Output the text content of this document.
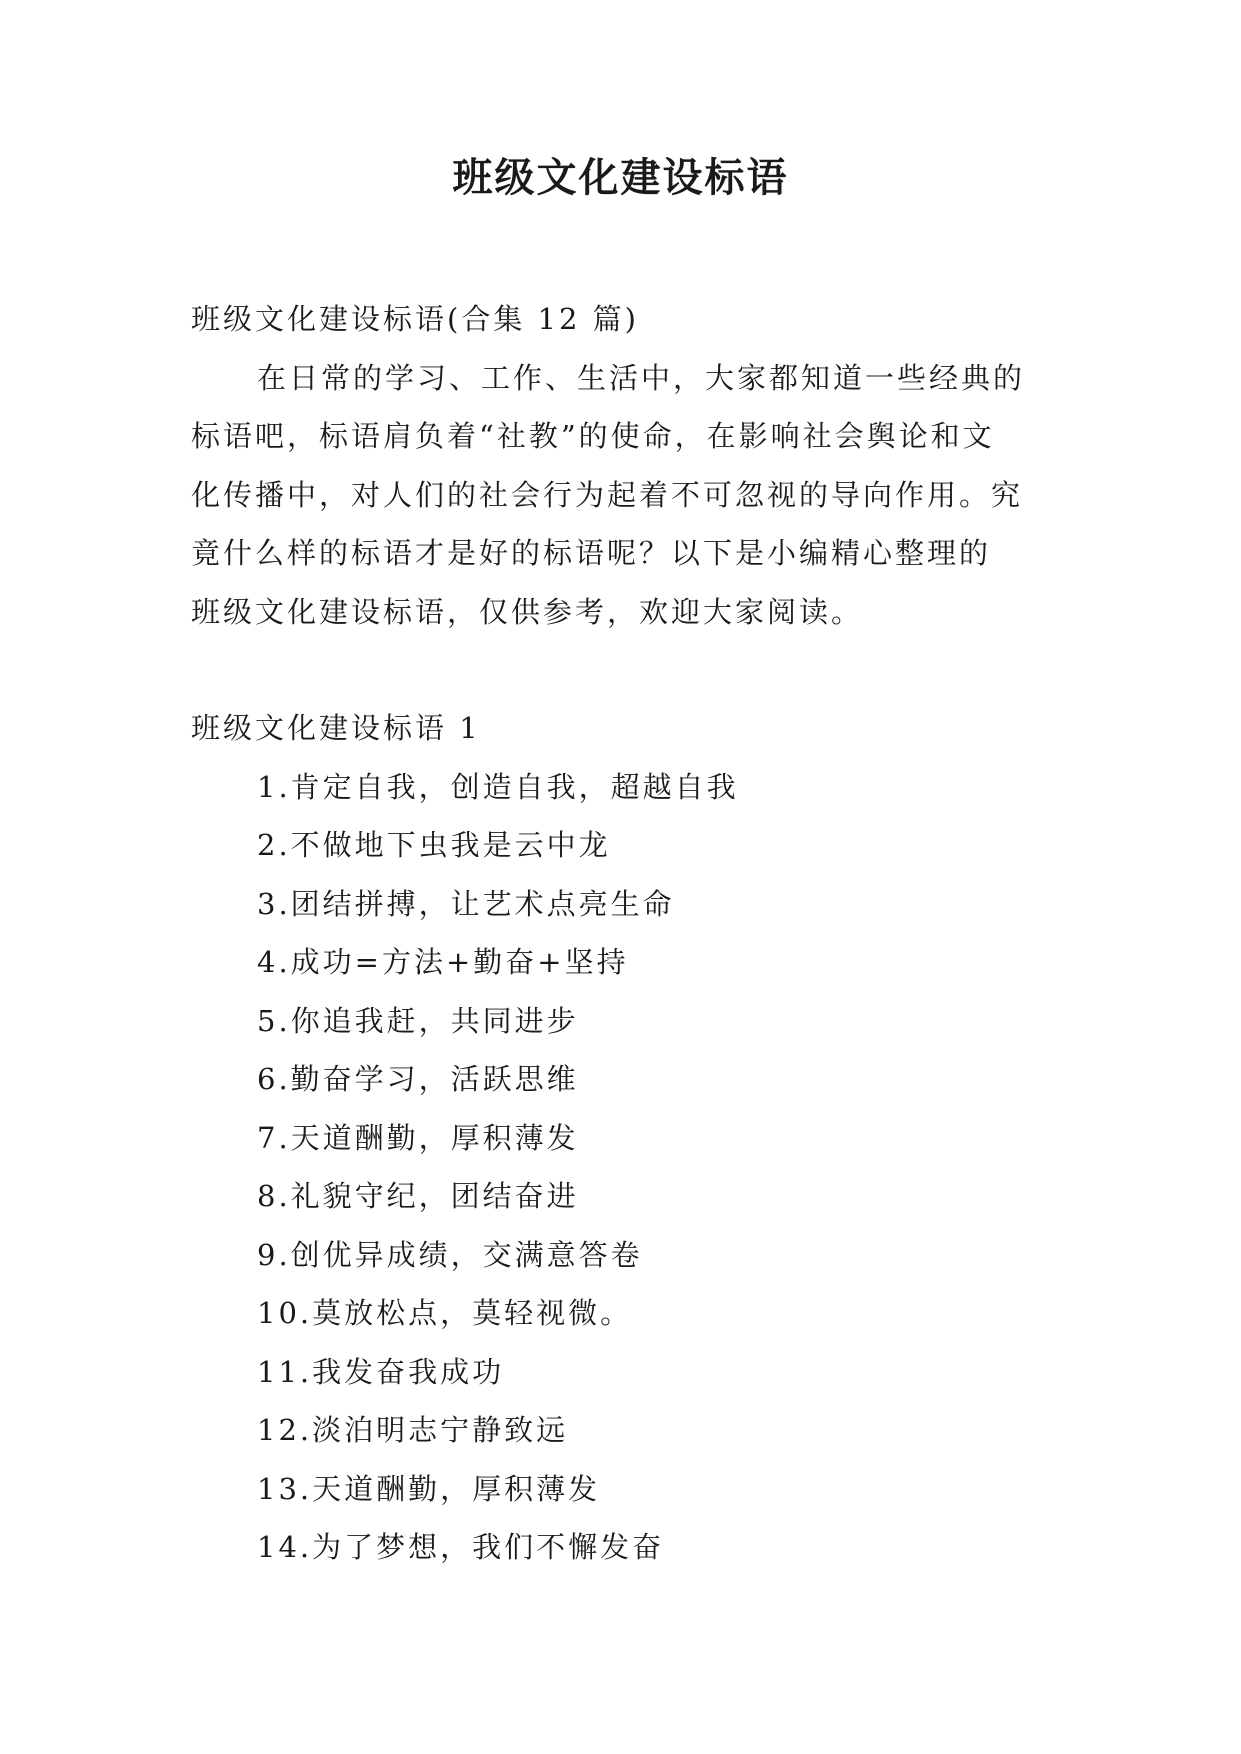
班级文化建设标语

班级文化建设标语(合集 12 篇)

在日常的学习、工作、生活中，大家都知道一些经典的

标语吧，标语肩负着“社教”的使命，在影响社会舆论和文

化传播中，对人们的社会行为起着不可忽视的导向作用。究

竟什么样的标语才是好的标语呢？以下是小编精心整理的

班级文化建设标语，仅供参考，欢迎大家阅读。

班级文化建设标语 1

1.肯定自我，创造自我，超越自我
2.不做地下虫我是云中龙
3.团结拼搏，让艺术点亮生命
4.成功=方法+勤奋+坚持
5.你追我赶，共同进步
6.勤奋学习，活跃思维
7.天道酬勤，厚积薄发
8.礼貌守纪，团结奋进
9.创优异成绩，交满意答卷
10.莫放松点，莫轻视微。
11.我发奋我成功
12.淡泊明志宁静致远
13.天道酬勤，厚积薄发
14.为了梦想，我们不懈发奋
